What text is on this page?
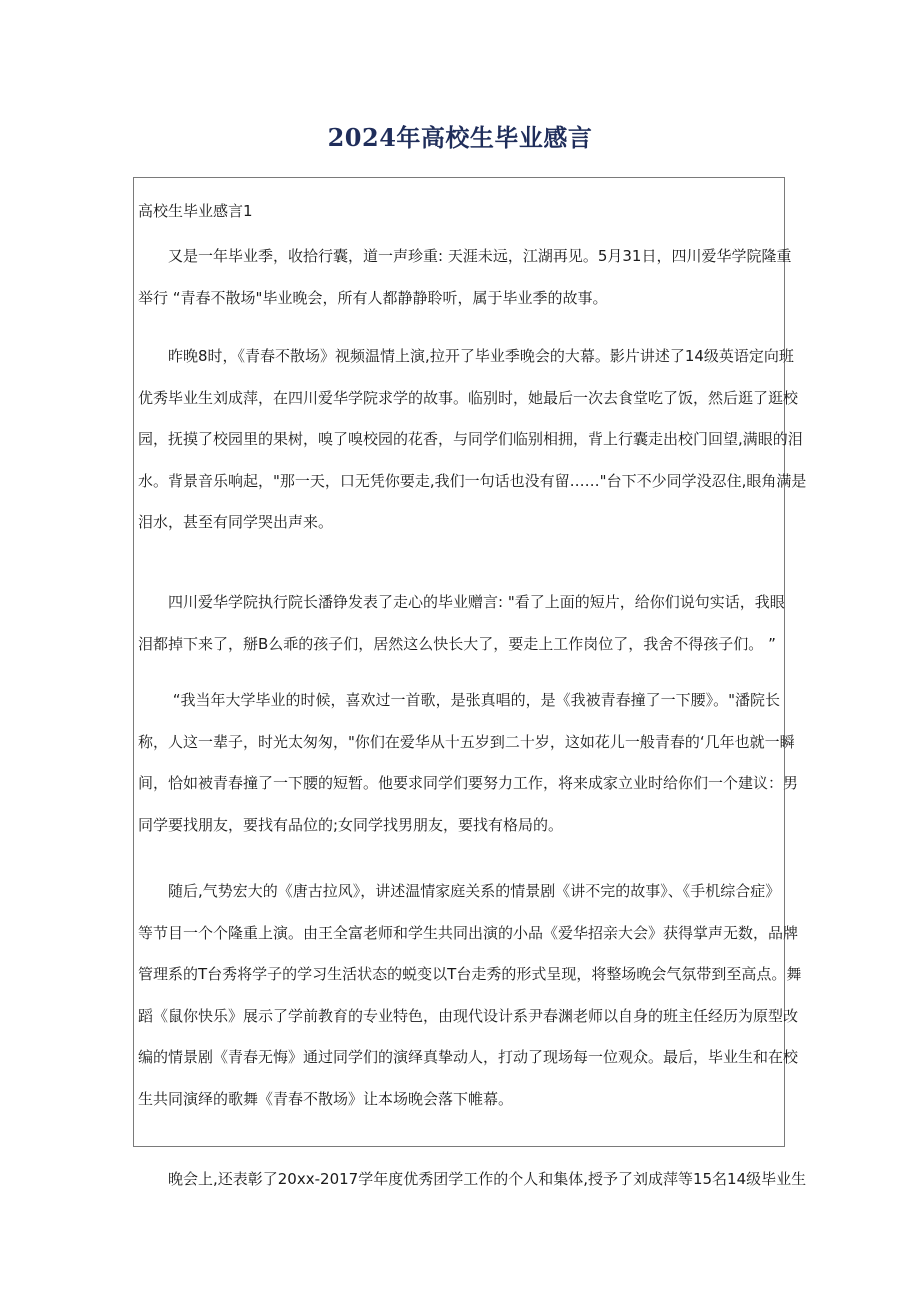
2024年高校生毕业感言

高校生毕业感言1

　　又是一年毕业季，收拾行囊，道一声珍重: 天涯未远，江湖再见。5月31日，四川爱华学院隆重
举行 “青春不散场"毕业晚会，所有人都静静聆听，属于毕业季的故事。
　　昨晚8时，《青春不散场》视频温情上演,拉开了毕业季晚会的大幕。影片讲述了14级英语定向班
优秀毕业生刘成萍，在四川爱华学院求学的故事。临别时，她最后一次去食堂吃了饭，然后逛了逛校
园，抚摸了校园里的果树，嗅了嗅校园的花香，与同学们临别相拥，背上行囊走出校门回望,满眼的泪
水。背景音乐响起，"那一天，口无凭你要走,我们一句话也没有留……"台下不少同学没忍住,眼角满是
泪水，甚至有同学哭出声来。
　　四川爱华学院执行院长潘铮发表了走心的毕业赠言: "看了上面的短片，给你们说句实话，我眼
泪都掉下来了，掰B么乖的孩子们，居然这么快长大了，要走上工作岗位了，我舍不得孩子们。 ”
　　 “我当年大学毕业的时候，喜欢过一首歌，是张真唱的，是《我被青春撞了一下腰》。"潘院长
称，人这一辈子，时光太匆匆，"你们在爱华从十五岁到二十岁，这如花儿一般青春的‘几年也就一瞬
间，恰如被青春撞了一下腰的短暂。他要求同学们要努力工作，将来成家立业时给你们一个建议：男
同学要找朋友，要找有品位的;女同学找男朋友，要找有格局的。
　　随后,气势宏大的《唐古拉风》，讲述温情家庭关系的情景剧《讲不完的故事》、《手机综合症》
等节目一个个隆重上演。由王全富老师和学生共同出演的小品《爱华招亲大会》获得掌声无数，品牌
管理系的T台秀将学子的学习生活状态的蜕变以T台走秀的形式呈现，将整场晚会气氛带到至高点。舞
蹈《鼠你快乐》展示了学前教育的专业特色，由现代设计系尹春渊老师以自身的班主任经历为原型改
编的情景剧《青春无悔》通过同学们的演绎真挚动人，打动了现场每一位观众。最后，毕业生和在校
生共同演绎的歌舞《青春不散场》让本场晚会落下帷幕。

　　晚会上,还表彰了20xx-2017学年度优秀团学工作的个人和集体,授予了刘成萍等15名14级毕业生
